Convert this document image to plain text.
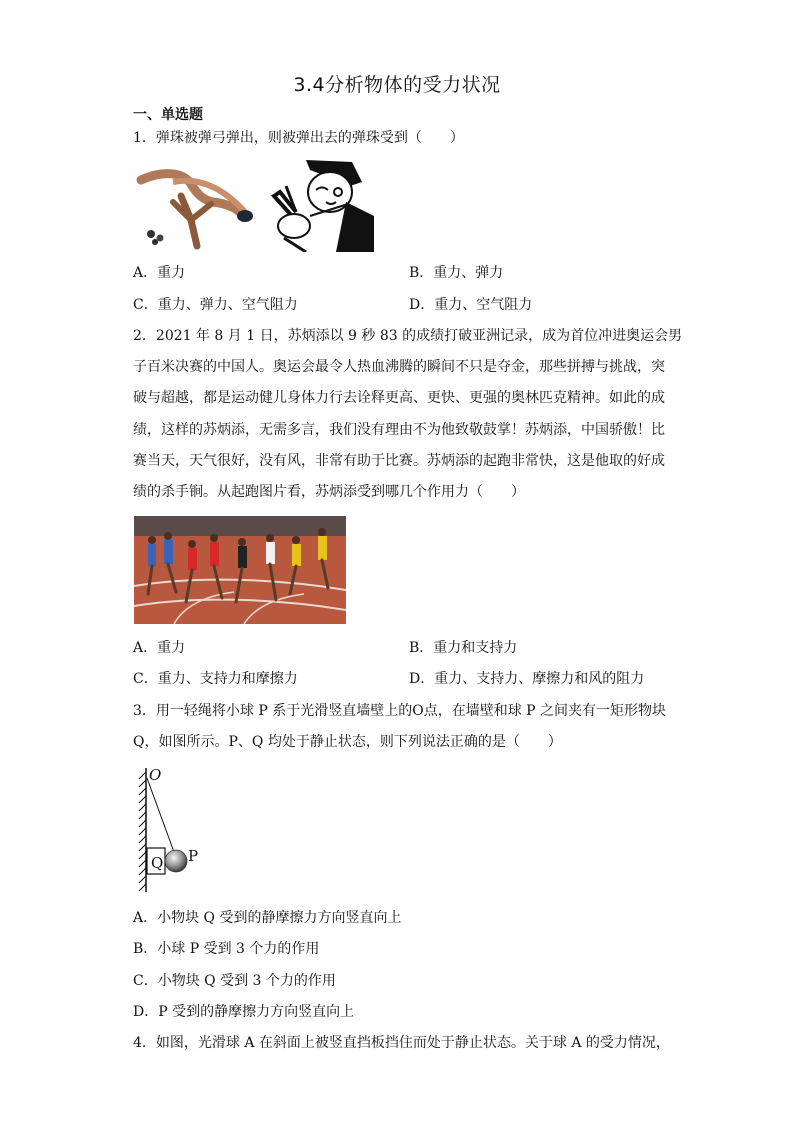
3.4分析物体的受力状况
一、单选题
1．弹珠被弹弓弹出，则被弹出去的弹珠受到（　　）
A．重力	B．重力、弹力
C．重力、弹力、空气阻力	D．重力、空气阻力
2．2021 年 8 月 1 日，苏炳添以 9 秒 83 的成绩打破亚洲记录，成为首位冲进奥运会男
子百米决赛的中国人。奥运会最令人热血沸腾的瞬间不只是夺金，那些拼搏与挑战，突
破与超越，都是运动健儿身体力行去诠释更高、更快、更强的奥林匹克精神。如此的成
绩，这样的苏炳添，无需多言，我们没有理由不为他致敬鼓掌！苏炳添，中国骄傲！比
赛当天，天气很好，没有风，非常有助于比赛。苏炳添的起跑非常快，这是他取的好成
绩的杀手锏。从起跑图片看，苏炳添受到哪几个作用力（　　）
A．重力	B．重力和支持力
C．重力、支持力和摩擦力	D．重力、支持力、摩擦力和风的阻力
3．用一轻绳将小球 P 系于光滑竖直墙壁上的O点，在墙壁和球 P 之间夹有一矩形物块
Q，如图所示。P、Q 均处于静止状态，则下列说法正确的是（　　）
O
Q P
A．小物块 Q 受到的静摩擦力方向竖直向上
B．小球 P 受到 3 个力的作用
C．小物块 Q 受到 3 个力的作用
D．P 受到的静摩擦力方向竖直向上
4．如图，光滑球 A 在斜面上被竖直挡板挡住而处于静止状态。关于球 A 的受力情况，
